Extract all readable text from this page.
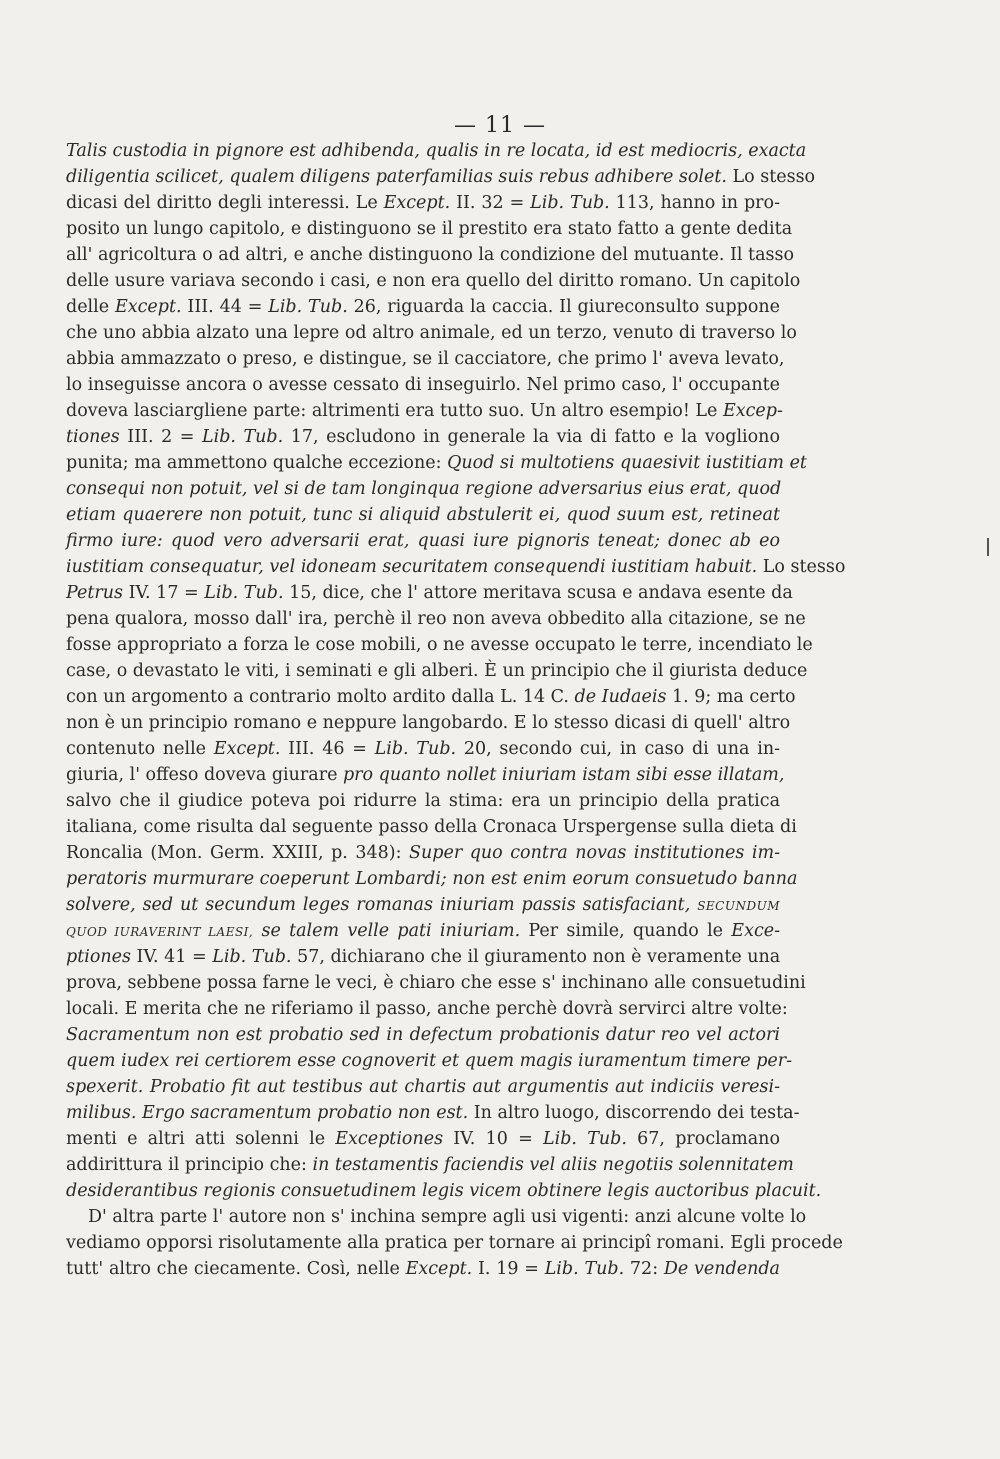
— 11 —
Talis custodia in pignore est adhibenda, qualis in re locata, id est mediocris, exacta
diligentia scilicet, qualem diligens paterfamilias suis rebus adhibere solet. Lo stesso
dicasi del diritto degli interessi. Le Except. II. 32 = Lib. Tub. 113, hanno in pro-
posito un lungo capitolo, e distinguono se il prestito era stato fatto a gente dedita
all' agricoltura o ad altri, e anche distinguono la condizione del mutuante. Il tasso
delle usure variava secondo i casi, e non era quello del diritto romano. Un capitolo
delle Except. III. 44 = Lib. Tub. 26, riguarda la caccia. Il giureconsulto suppone
che uno abbia alzato una lepre od altro animale, ed un terzo, venuto di traverso lo
abbia ammazzato o preso, e distingue, se il cacciatore, che primo l' aveva levato,
lo inseguisse ancora o avesse cessato di inseguirlo. Nel primo caso, l' occupante
doveva lasciargliene parte: altrimenti era tutto suo. Un altro esempio! Le Excep-
tiones III. 2 = Lib. Tub. 17, escludono in generale la via di fatto e la vogliono
punita; ma ammettono qualche eccezione: Quod si multotiens quaesivit iustitiam et
consequi non potuit, vel si de tam longinqua regione adversarius eius erat, quod
etiam quaerere non potuit, tunc si aliquid abstulerit ei, quod suum est, retineat
firmo iure: quod vero adversarii erat, quasi iure pignoris teneat; donec ab eo
iustitiam consequatur, vel idoneam securitatem consequendi iustitiam habuit. Lo stesso
Petrus IV. 17 = Lib. Tub. 15, dice, che l' attore meritava scusa e andava esente da
pena qualora, mosso dall' ira, perchè il reo non aveva obbedito alla citazione, se ne
fosse appropriato a forza le cose mobili, o ne avesse occupato le terre, incendiato le
case, o devastato le viti, i seminati e gli alberi. È un principio che il giurista deduce
con un argomento a contrario molto ardito dalla L. 14 C. de Iudaeis 1. 9; ma certo
non è un principio romano e neppure langobardo. E lo stesso dicasi di quell' altro
contenuto nelle Except. III. 46 = Lib. Tub. 20, secondo cui, in caso di una in-
giuria, l' offeso doveva giurare pro quanto nollet iniuriam istam sibi esse illatam,
salvo che il giudice poteva poi ridurre la stima: era un principio della pratica
italiana, come risulta dal seguente passo della Cronaca Urspergense sulla dieta di
Roncalia (Mon. Germ. XXIII, p. 348): Super quo contra novas institutiones im-
peratoris murmurare coeperunt Lombardi; non est enim eorum consuetudo banna
solvere, sed ut secundum leges romanas iniuriam passis satisfaciant, SECUNDUM
QUOD IURAVERINT LAESI, se talem velle pati iniuriam. Per simile, quando le Exce-
ptiones IV. 41 = Lib. Tub. 57, dichiarano che il giuramento non è veramente una
prova, sebbene possa farne le veci, è chiaro che esse s' inchinano alle consuetudini
locali. E merita che ne riferiamo il passo, anche perchè dovrà servirci altre volte:
Sacramentum non est probatio sed in defectum probationis datur reo vel actori
quem iudex rei certiorem esse cognoverit et quem magis iuramentum timere per-
spexerit. Probatio fit aut testibus aut chartis aut argumentis aut indiciis veresi-
milibus. Ergo sacramentum probatio non est. In altro luogo, discorrendo dei testa-
menti e altri atti solenni le Exceptiones IV. 10 = Lib. Tub. 67, proclamano
addirittura il principio che: in testamentis faciendis vel aliis negotiis solennitatem
desiderantibus regionis consuetudinem legis vicem obtinere legis auctoribus placuit.
D' altra parte l' autore non s' inchina sempre agli usi vigenti: anzi alcune volte lo
vediamo opporsi risolutamente alla pratica per tornare ai principî romani. Egli procede
tutt' altro che ciecamente. Così, nelle Except. I. 19 = Lib. Tub. 72: De vendenda
